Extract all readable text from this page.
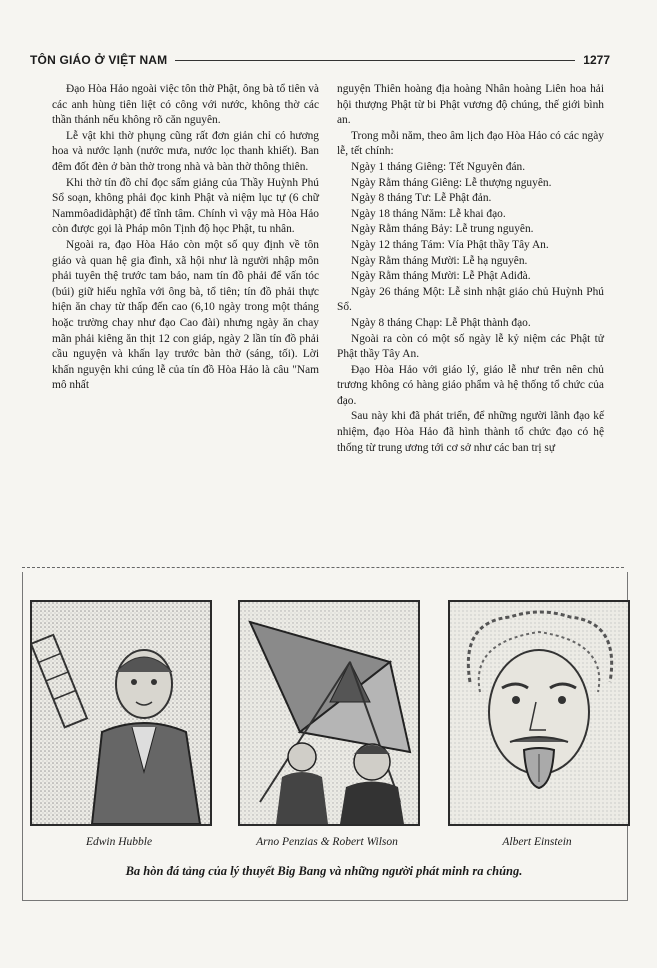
TÔN GIÁO Ở VIỆT NAM	1277

Đạo Hòa Hảo ngoài việc tôn thờ Phật, ông bà tổ tiên và các anh hùng tiên liệt có công với nước, không thờ các thần thánh nếu không rõ căn nguyên.

Lễ vật khi thờ phụng cũng rất đơn giản chỉ có hương hoa và nước lạnh (nước mưa, nước lọc thanh khiết). Ban đêm đốt đèn ở bàn thờ trong nhà và bàn thờ thông thiên.

Khi thờ tín đồ chỉ đọc sấm giảng của Thầy Huỳnh Phú Sổ soạn, không phải đọc kinh Phật và niệm lục tự (6 chữ Nammôadidàphật) để tĩnh tâm. Chính vì vậy mà Hòa Hảo còn được gọi là Pháp môn Tịnh độ học Phật, tu nhân.

Ngoài ra, đạo Hòa Hảo còn một số quy định về tôn giáo và quan hệ gia đình, xã hội như là người nhập môn phải tuyên thệ trước tam bảo, nam tín đồ phải để vấn tóc (búi) giữ hiếu nghĩa với ông bà, tổ tiên; tín đồ phải thực hiện ăn chay từ thấp đến cao (6,10 ngày trong một tháng hoặc trường chay như đạo Cao đài) nhưng ngày ăn chay mãn phải kiêng ăn thịt 12 con giáp, ngày 2 lần tín đồ phải cầu nguyện và khấn lạy trước bàn thờ (sáng, tối). Lời khấn nguyện khi cúng lễ của tín đồ Hòa Hảo là câu "Nam mô nhất

nguyện Thiên hoàng địa hoàng Nhân hoàng Liên hoa hải hội thượng Phật từ bi Phật vương độ chúng, thế giới bình an.

Trong mỗi năm, theo âm lịch đạo Hòa Hảo có các ngày lễ, tết chính:

Ngày 1 tháng Giêng: Tết Nguyên đán.

Ngày Rằm tháng Giêng: Lễ thượng nguyên.

Ngày 8 tháng Tư: Lễ Phật đản.

Ngày 18 tháng Năm: Lễ khai đạo.

Ngày Rằm tháng Bảy: Lễ trung nguyên.

Ngày 12 tháng Tám: Vía Phật thầy Tây An.

Ngày Rằm tháng Mười: Lễ hạ nguyên.

Ngày Rằm tháng Mười: Lễ Phật Adiđà.

Ngày 26 tháng Một: Lễ sinh nhật giáo chủ Huỳnh Phú Sổ.

Ngày 8 tháng Chạp: Lễ Phật thành đạo.

Ngoài ra còn có một số ngày lễ kỷ niệm các Phật tử Phật thầy Tây An.

Đạo Hòa Hảo với giáo lý, giáo lễ như trên nên chủ trương không có hàng giáo phẩm và hệ thống tổ chức của đạo.

Sau này khi đã phát triển, để những người lãnh đạo kế nhiệm, đạo Hòa Hảo đã hình thành tổ chức đạo có hệ thống từ trung ương tới cơ sở như các ban trị sự

Edwin Hubble	Arno Penzias & Robert Wilson	Albert Einstein
Ba hòn đá tảng của lý thuyết Big Bang và những người phát minh ra chúng.
